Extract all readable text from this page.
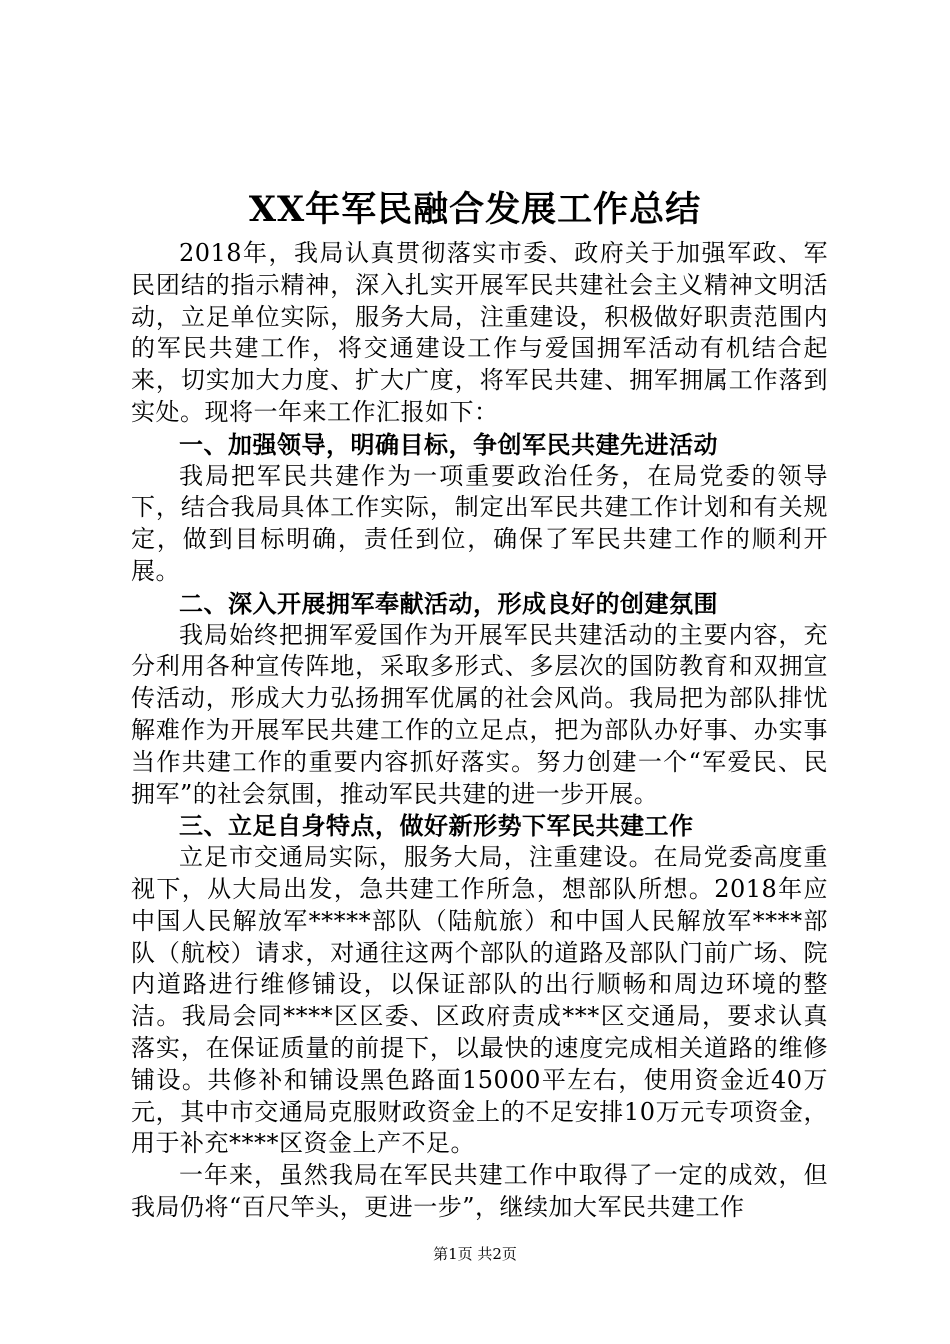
XX年军民融合发展工作总结

2018年，我局认真贯彻落实市委、政府关于加强军政、军民团结的指示精神，深入扎实开展军民共建社会主义精神文明活动，立足单位实际，服务大局，注重建设，积极做好职责范围内的军民共建工作，将交通建设工作与爱国拥军活动有机结合起来，切实加大力度、扩大广度，将军民共建、拥军拥属工作落到实处。现将一年来工作汇报如下：

一、加强领导，明确目标，争创军民共建先进活动

我局把军民共建作为一项重要政治任务，在局党委的领导下，结合我局具体工作实际，制定出军民共建工作计划和有关规定，做到目标明确，责任到位，确保了军民共建工作的顺利开展。

二、深入开展拥军奉献活动，形成良好的创建氛围

我局始终把拥军爱国作为开展军民共建活动的主要内容，充分利用各种宣传阵地，采取多形式、多层次的国防教育和双拥宣传活动，形成大力弘扬拥军优属的社会风尚。我局把为部队排忧解难作为开展军民共建工作的立足点，把为部队办好事、办实事当作共建工作的重要内容抓好落实。努力创建一个“军爱民、民拥军”的社会氛围，推动军民共建的进一步开展。

三、立足自身特点，做好新形势下军民共建工作

立足市交通局实际，服务大局，注重建设。在局党委高度重视下，从大局出发，急共建工作所急，想部队所想。2018年应中国人民解放军*****部队（陆航旅）和中国人民解放军****部队（航校）请求，对通往这两个部队的道路及部队门前广场、院内道路进行维修铺设，以保证部队的出行顺畅和周边环境的整洁。我局会同****区区委、区政府责成***区交通局，要求认真落实，在保证质量的前提下，以最快的速度完成相关道路的维修铺设。共修补和铺设黑色路面15000平左右，使用资金近40万元，其中市交通局克服财政资金上的不足安排10万元专项资金，用于补充****区资金上产不足。

一年来，虽然我局在军民共建工作中取得了一定的成效，但我局仍将“百尺竿头，更进一步”，继续加大军民共建工作

第1页 共2页
